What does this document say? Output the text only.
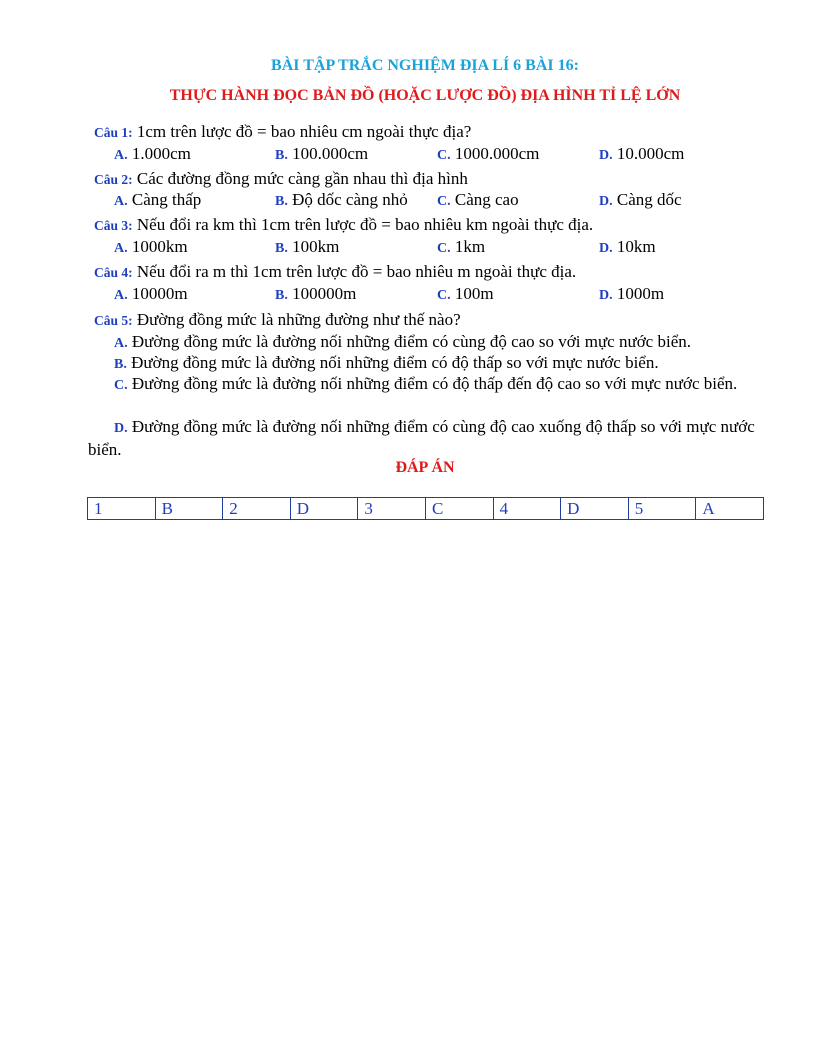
BÀI TẬP TRẮC NGHIỆM ĐỊA LÍ 6 BÀI 16:
THỰC HÀNH ĐỌC BẢN ĐỒ (HOẶC LƯỢC ĐỒ) ĐỊA HÌNH TỈ LỆ LỚN
Câu 1: 1cm trên lược đồ = bao nhiêu cm ngoài thực địa?
A. 1.000cm	B. 100.000cm	C. 1000.000cm	D. 10.000cm
Câu 2: Các đường đồng mức càng gần nhau thì địa hình
A. Càng thấp	B. Độ dốc càng nhỏ C. Càng cao	D. Càng dốc
Câu 3: Nếu đổi ra km thì 1cm trên lược đồ = bao nhiêu km ngoài thực địa.
A. 1000km	B. 100km	C. 1km	D. 10km
Câu 4: Nếu đổi ra m thì 1cm trên lược đồ = bao nhiêu m ngoài thực địa.
A. 10000m	B. 100000m	C. 100m	D. 1000m
Câu 5: Đường đồng mức là những đường như thế nào?
A. Đường đồng mức là đường nối những điểm có cùng độ cao so với mực nước biển.
B. Đường đồng mức là đường nối những điểm có độ thấp so với mực nước biển.
C. Đường đồng mức là đường nối những điểm có độ thấp đến độ cao so với mực nước biển.
D. Đường đồng mức là đường nối những điểm có cùng độ cao xuống độ thấp so với mực nước biển.
ĐÁP ÁN
1	B	2	D	3	C	4	D	5	A
